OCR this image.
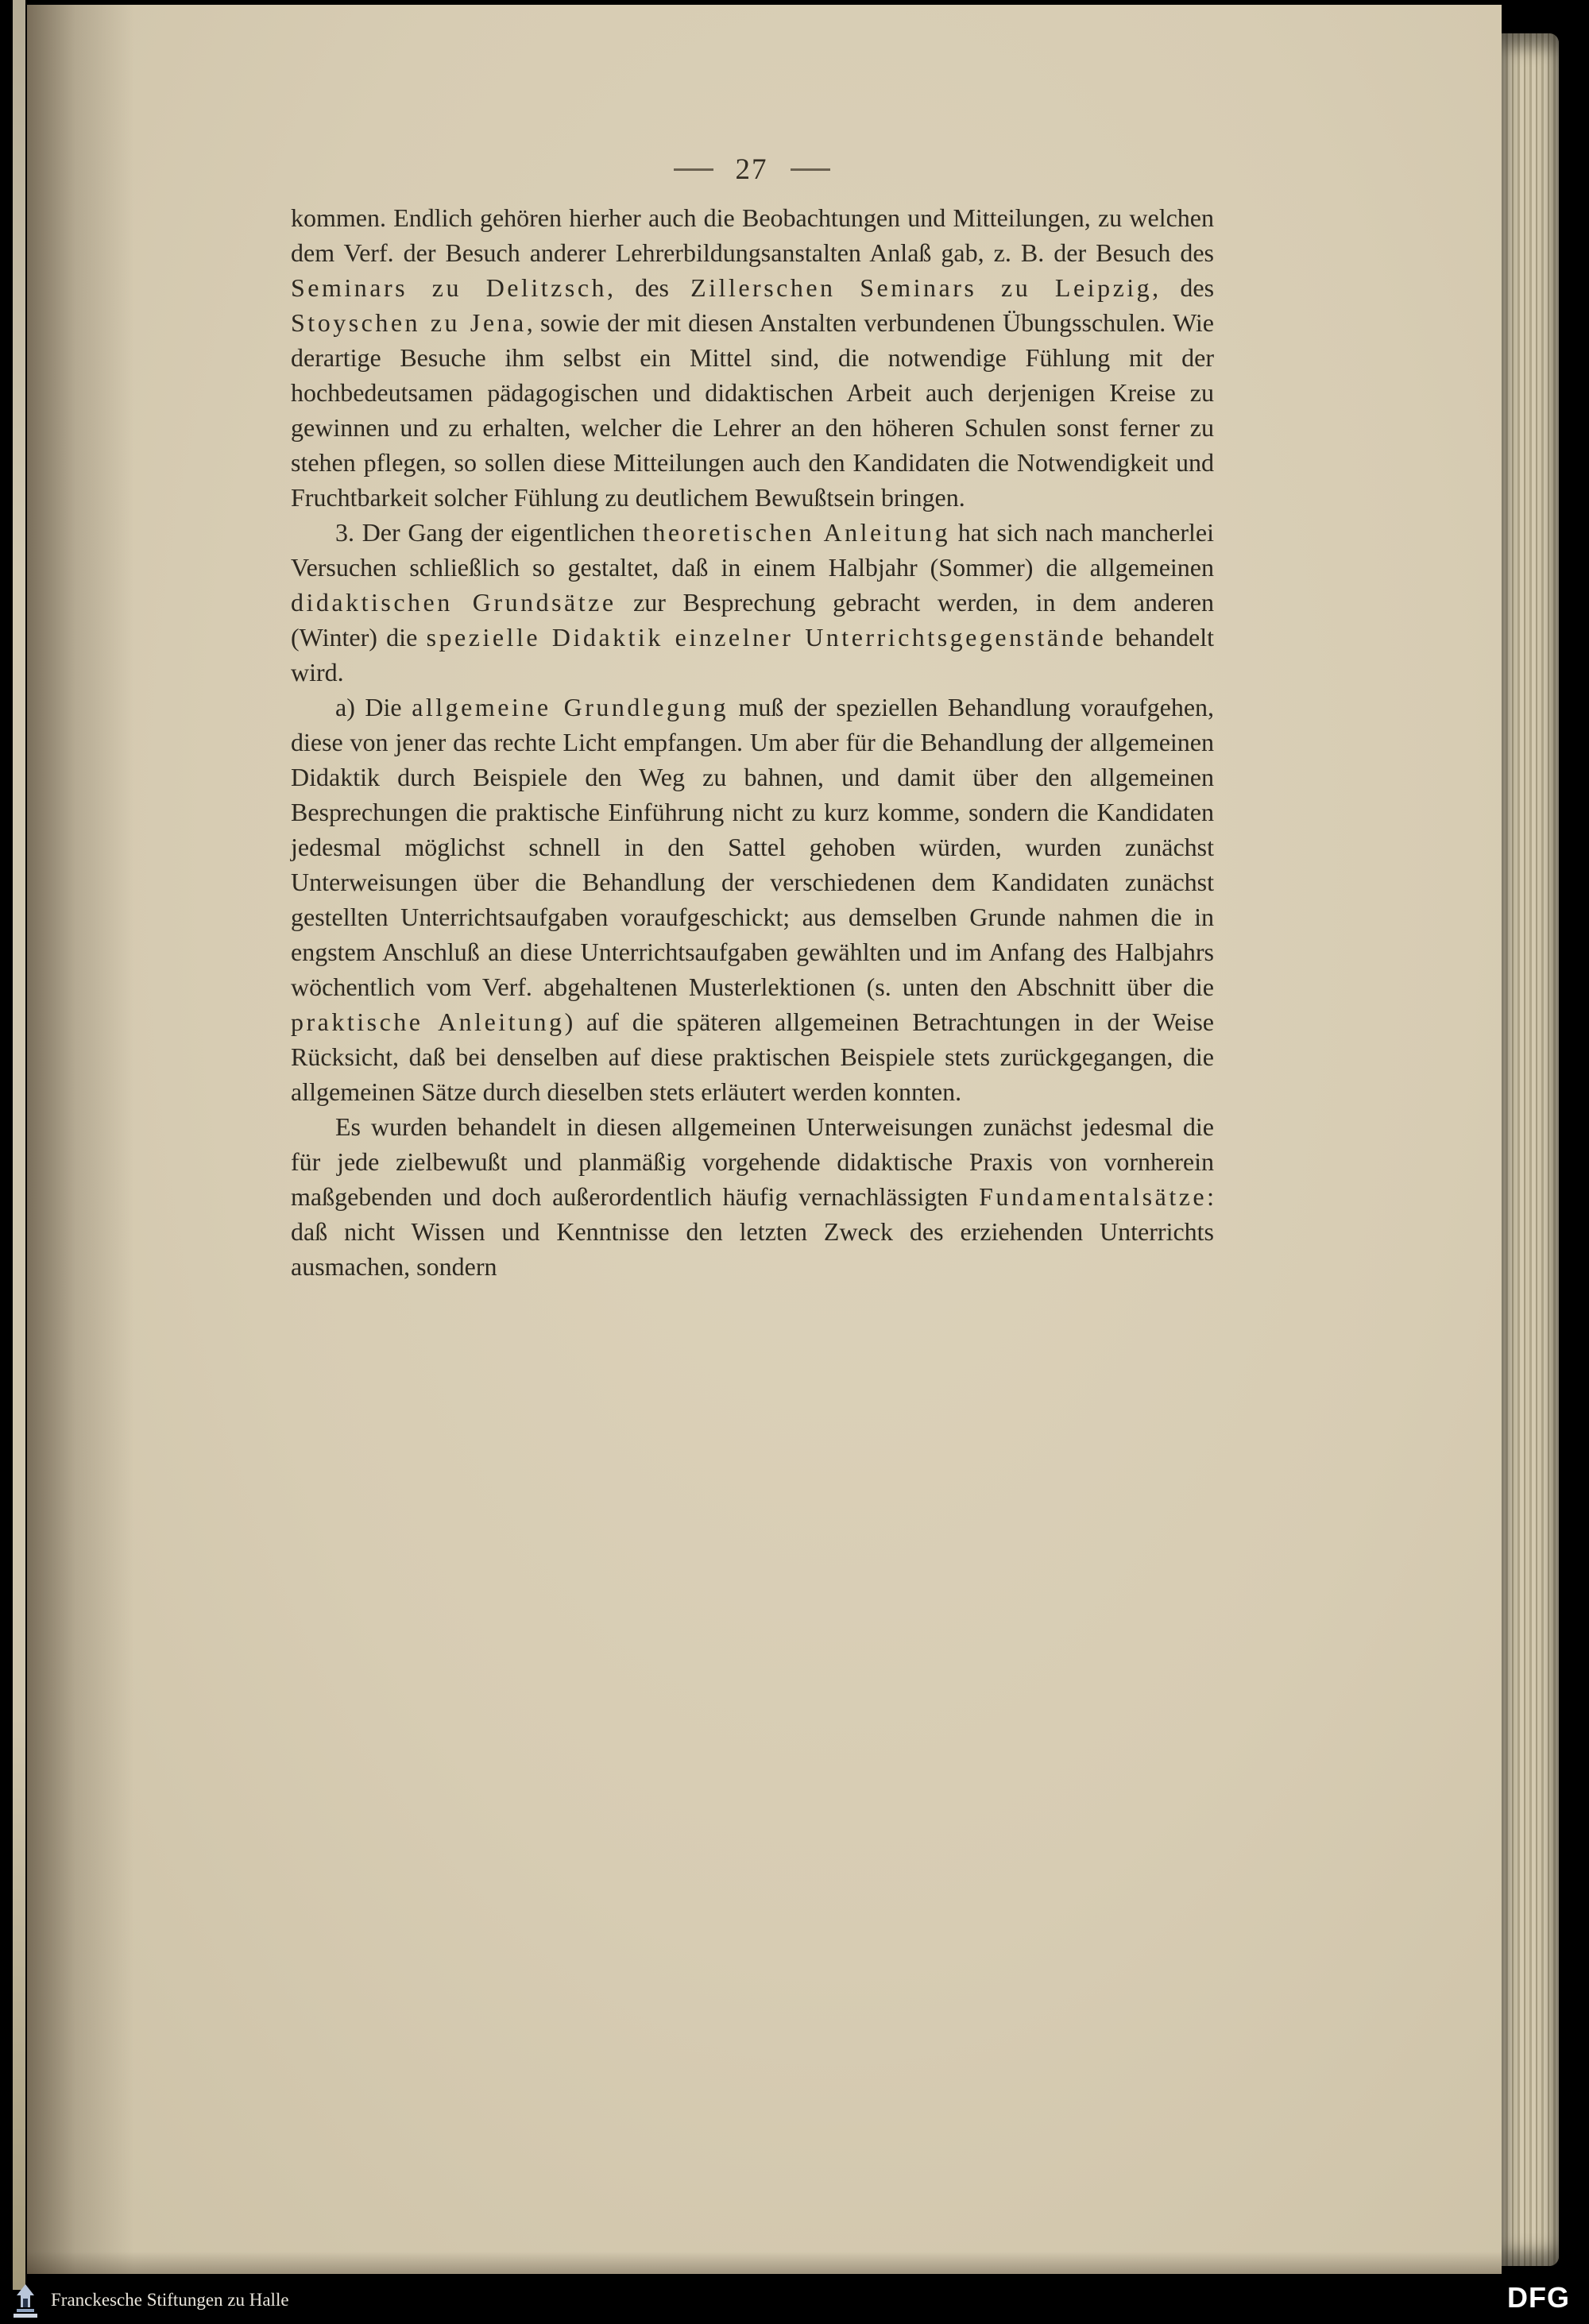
27

kommen. Endlich gehören hierher auch die Beobachtungen und Mitteilungen, zu welchen dem Verf. der Besuch anderer Lehrerbildungsanstalten Anlaß gab, z. B. der Besuch des Seminars zu Delitzsch, des Zillerschen Seminars zu Leipzig, des Stoyschen zu Jena, sowie der mit diesen Anstalten verbundenen Übungsschulen. Wie derartige Besuche ihm selbst ein Mittel sind, die notwendige Fühlung mit der hochbedeutsamen pädagogischen und didaktischen Arbeit auch derjenigen Kreise zu gewinnen und zu erhalten, welcher die Lehrer an den höheren Schulen sonst ferner zu stehen pflegen, so sollen diese Mitteilungen auch den Kandidaten die Notwendigkeit und Fruchtbarkeit solcher Fühlung zu deutlichem Bewußtsein bringen.

3. Der Gang der eigentlichen theoretischen Anleitung hat sich nach mancherlei Versuchen schließlich so gestaltet, daß in einem Halbjahr (Sommer) die allgemeinen didaktischen Grundsätze zur Besprechung gebracht werden, in dem anderen (Winter) die spezielle Didaktik einzelner Unterrichtsgegenstände behandelt wird.

a) Die allgemeine Grundlegung muß der speziellen Behandlung voraufgehen, diese von jener das rechte Licht empfangen. Um aber für die Behandlung der allgemeinen Didaktik durch Beispiele den Weg zu bahnen, und damit über den allgemeinen Besprechungen die praktische Einführung nicht zu kurz komme, sondern die Kandidaten jedesmal möglichst schnell in den Sattel gehoben würden, wurden zunächst Unterweisungen über die Behandlung der verschiedenen dem Kandidaten zunächst gestellten Unterrichtsaufgaben voraufgeschickt; aus demselben Grunde nahmen die in engstem Anschluß an diese Unterrichtsaufgaben gewählten und im Anfang des Halbjahrs wöchentlich vom Verf. abgehaltenen Musterlektionen (s. unten den Abschnitt über die praktische Anleitung) auf die späteren allgemeinen Betrachtungen in der Weise Rücksicht, daß bei denselben auf diese praktischen Beispiele stets zurückgegangen, die allgemeinen Sätze durch dieselben stets erläutert werden konnten.

Es wurden behandelt in diesen allgemeinen Unterweisungen zunächst jedesmal die für jede zielbewußt und planmäßig vorgehende didaktische Praxis von vornherein maßgebenden und doch außerordentlich häufig vernachlässigten Fundamentalsätze: daß nicht Wissen und Kenntnisse den letzten Zweck des erziehenden Unterrichts ausmachen, sondern

Franckesche Stiftungen zu Halle	DFG
